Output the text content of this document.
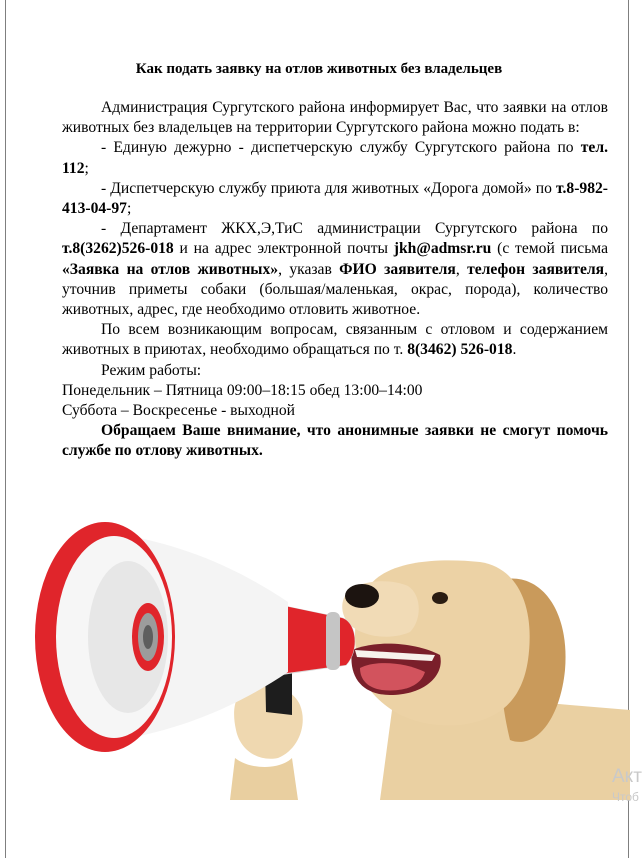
Как подать заявку на отлов животных без владельцев

Администрация Сургутского района информирует Вас, что заявки на отлов животных без владельцев на территории Сургутского района можно подать в:

- Единую дежурно - диспетчерскую службу Сургутского района по тел. 112;

- Диспетчерскую службу приюта для животных «Дорога домой» по т.8-982-413-04-97;

- Департамент ЖКХ,Э,ТиС администрации Сургутского района по т.8(3262)526-018 и на адрес электронной почты jkh@admsr.ru (с темой письма «Заявка на отлов животных», указав ФИО заявителя, телефон заявителя, уточнив приметы собаки (большая/маленькая, окрас, порода), количество животных, адрес, где необходимо отловить животное.

По всем возникающим вопросам, связанным с отловом и содержанием животных в приютах, необходимо обращаться по т. 8(3462) 526-018.

Режим работы:

Понедельник – Пятница 09:00–18:15 обед 13:00–14:00

Суббота – Воскресенье - выходной

Обращаем Ваше внимание, что анонимные заявки не смогут помочь службе по отлову животных.

Акт
Чтоб
